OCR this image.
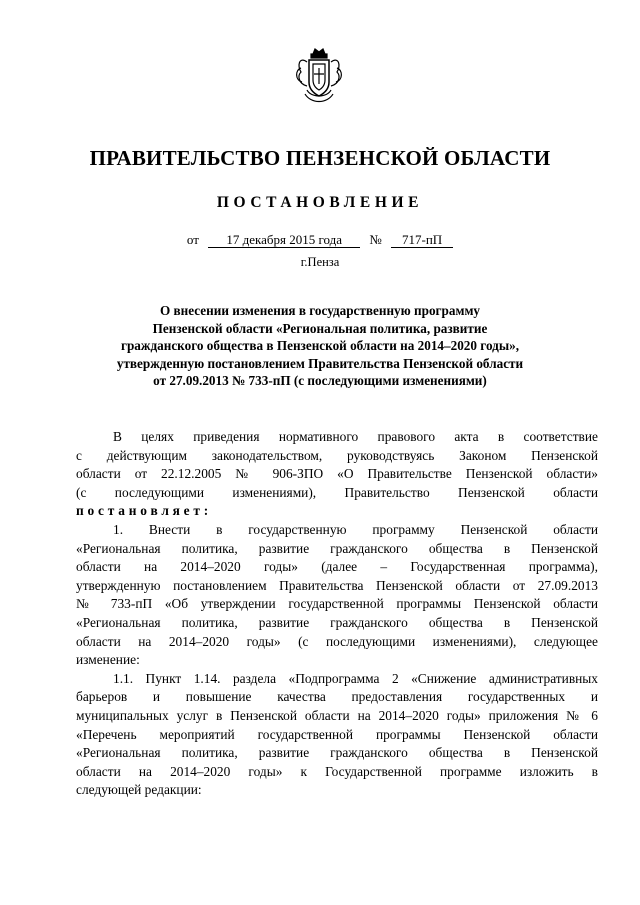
ПРАВИТЕЛЬСТВО ПЕНЗЕНСКОЙ ОБЛАСТИ
ПОСТАНОВЛЕНИЕ
от 17 декабря 2015 года № 717-пП
г.Пенза
О внесении изменения в государственную программу
Пензенской области «Региональная политика, развитие
гражданского общества в Пензенской области на 2014–2020 годы»,
утвержденную постановлением Правительства Пензенской области
от 27.09.2013 № 733-пП (с последующими изменениями)

В целях приведения нормативного правового акта в соответствие

с действующим законодательством, руководствуясь Законом Пензенской

области от 22.12.2005 № 906-ЗПО «О Правительстве Пензенской области»

(с последующими изменениями), Правительство Пензенской области

постановляет:

1. Внести в государственную программу Пензенской области

«Региональная политика, развитие гражданского общества в Пензенской

области на 2014–2020 годы» (далее – Государственная программа),

утвержденную постановлением Правительства Пензенской области от 27.09.2013

№ 733-пП «Об утверждении государственной программы Пензенской области

«Региональная политика, развитие гражданского общества в Пензенской

области на 2014–2020 годы» (с последующими изменениями), следующее

изменение:

1.1. Пункт 1.14. раздела «Подпрограмма 2 «Снижение административных

барьеров и повышение качества предоставления государственных и

муниципальных услуг в Пензенской области на 2014–2020 годы» приложения № 6

«Перечень мероприятий государственной программы Пензенской области

«Региональная политика, развитие гражданского общества в Пензенской

области на 2014–2020 годы» к Государственной программе изложить в

следующей редакции:
